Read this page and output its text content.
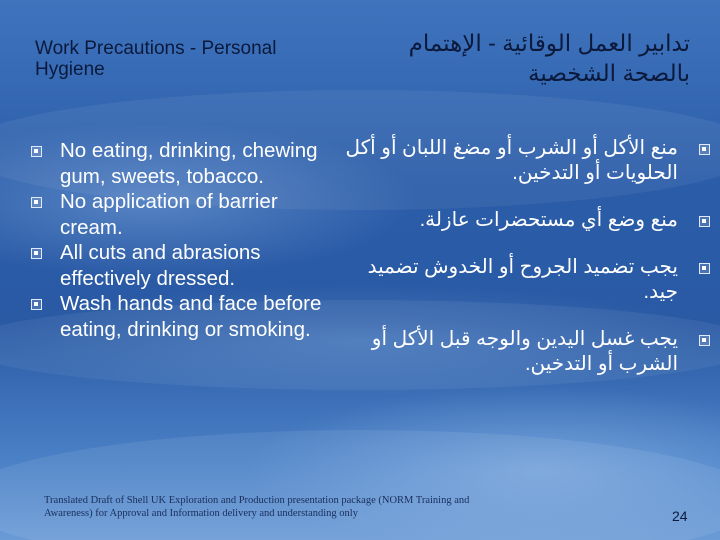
Work Precautions - Personal Hygiene
تدابير العمل الوقائية - الإهتمام بالصحة الشخصية
No eating, drinking, chewing gum, sweets, tobacco.
No application of barrier cream.
All cuts and abrasions effectively dressed.
Wash hands and face before eating, drinking or smoking.
منع الأكل أو الشرب أو مضغ اللبان أو أكل الحلويات أو التدخين.
منع وضع أي مستحضرات عازلة.
يجب تضميد الجروح أو الخدوش تضميد جيد.
يجب غسل اليدين والوجه قبل الأكل أو الشرب أو التدخين.
Translated Draft of Shell UK Exploration and Production presentation package (NORM Training and Awareness) for Approval and Information delivery and understanding only	24
